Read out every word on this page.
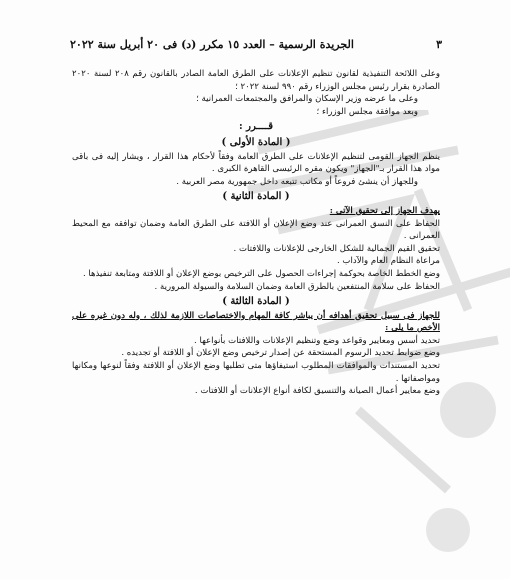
٣
الجريدة الرسمية – العدد ١٥ مكرر (د) فى ٢٠ أبريل سنة ٢٠٢٢

وعلى اللائحة التنفيذية لقانون تنظيم الإعلانات على الطرق العامة الصادر بالقانون رقم ٢٠٨ لسنة ٢٠٢٠ الصادرة بقرار رئيس مجلس الوزراء رقم ٩٩٠ لسنة ٢٠٢٢ ؛

وعلى ما عرضه وزير الإسكان والمرافق والمجتمعات العمرانية ؛

وبعد موافقة مجلس الوزراء ؛

قــــرر :

( المادة الأولى )

ينظم الجهاز القومى لتنظيم الإعلانات على الطرق العامة وفقاً لأحكام هذا القرار ، ويشار إليه فى باقى مواد هذا القرار بـ"الجهاز" ويكون مقره الرئيسى القاهرة الكبرى .

وللجهاز أن ينشئ فروعاً أو مكاتب تتبعه داخل جمهورية مصر العربية .

( المادة الثانية )

يهدف الجهاز إلى تحقيق الآتى :

الحفاظ على النسق العمرانى عند وضع الإعلان أو اللافتة على الطرق العامة وضمان توافقه مع المحيط العمرانى .

تحقيق القيم الجمالية للشكل الخارجى للإعلانات واللافتات .

مراعاة النظام العام والآداب .

وضع الخطط الخاصة بحوكمة إجراءات الحصول على الترخيص بوضع الإعلان أو اللافتة ومتابعة تنفيذها .

الحفاظ على سلامة المنتفعين بالطرق العامة وضمان السلامة والسيولة المرورية .

( المادة الثالثة )

للجهاز فى سبيل تحقيق أهدافه أن يباشر كافة المهام والاختصاصات اللازمة لذلك ، وله دون غيره على الأخص ما يلى :

تحديد أسس ومعايير وقواعد وضع وتنظيم الإعلانات واللافتات بأنواعها .

وضع ضوابط تحديد الرسوم المستحقة عن إصدار ترخيص وضع الإعلان أو اللافتة أو تجديده .

تحديد المستندات والموافقات المطلوب استيفاؤها متى تطلبها وضع الإعلان أو اللافتة وفقاً لنوعها ومكانها ومواصفاتها .

وضع معايير أعمال الصيانة والتنسيق لكافة أنواع الإعلانات أو اللافتات .
